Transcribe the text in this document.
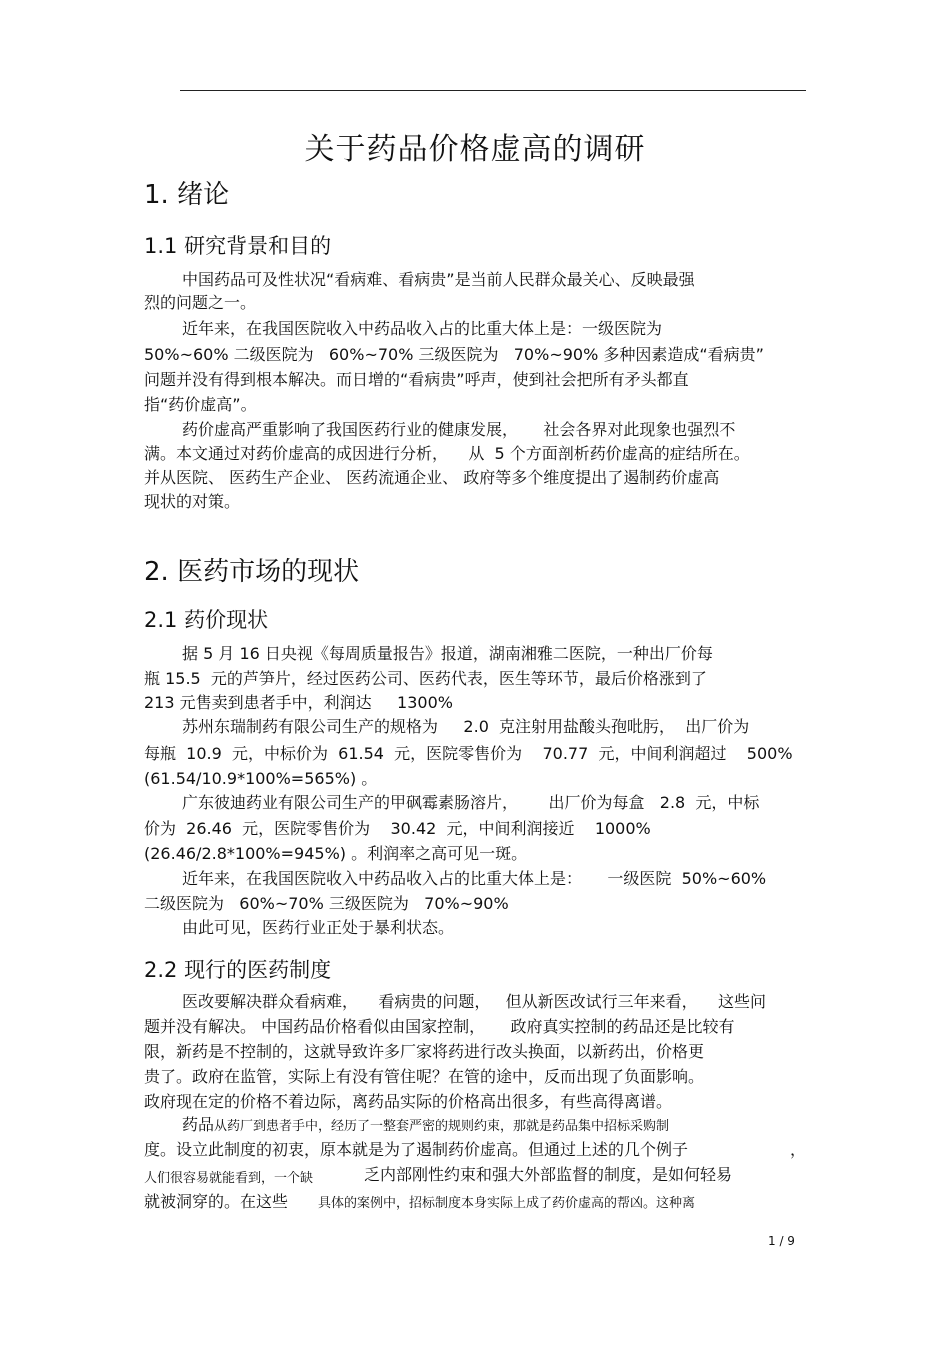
关于药品价格虚高的调研
1. 绪论
1.1 研究背景和目的
中国药品可及性状况“看病难、看病贵”是当前人民群众最关心、反映最强
烈的问题之一。
近年来，在我国医院收入中药品收入占的比重大体上是：一级医院为
50%~60% 二级医院为   60%~70% 三级医院为   70%~90% 多种因素造成“看病贵”
问题并没有得到根本解决。而日增的“看病贵”呼声，使到社会把所有矛头都直
指“药价虚高”。
药价虚高严重影响了我国医药行业的健康发展，     社会各界对此现象也强烈不
满。本文通过对药价虚高的成因进行分析，    从  5 个方面剖析药价虚高的症结所在。
并从医院、 医药生产企业、 医药流通企业、 政府等多个维度提出了遏制药价虚高
现状的对策。
2. 医药市场的现状
2.1 药价现状
据 5 月 16 日央视《每周质量报告》报道，湖南湘雅二医院，一种出厂价每
瓶 15.5  元的芦笋片，经过医药公司、医药代表，医生等环节，最后价格涨到了
213 元售卖到患者手中，利润达     1300%
苏州东瑞制药有限公司生产的规格为     2.0  克注射用盐酸头孢吡肟，  出厂价为
每瓶  10.9  元，中标价为  61.54  元，医院零售价为    70.77  元，中间利润超过    500%
(61.54/10.9*100%=565%) 。
广东彼迪药业有限公司生产的甲砜霉素肠溶片，      出厂价为每盒   2.8  元，中标
价为  26.46  元，医院零售价为    30.42  元，中间利润接近    1000%
(26.46/2.8*100%=945%) 。利润率之高可见一斑。
近年来，在我国医院收入中药品收入占的比重大体上是：     一级医院  50%~60%
二级医院为   60%~70% 三级医院为   70%~90%
由此可见，医药行业正处于暴利状态。
2.2 现行的医药制度
医改要解决群众看病难，    看病贵的问题，   但从新医改试行三年来看，    这些问
题并没有解决。 中国药品价格看似由国家控制，     政府真实控制的药品还是比较有
限，新药是不控制的，这就导致许多厂家将药进行改头换面，以新药出，价格更
贵了。政府在监管，实际上有没有管住呢？在管的途中，反而出现了负面影响。
政府现在定的价格不着边际，离药品实际的价格高出很多，有些高得离谱。
药品从药厂到患者手中，经历了一整套严密的规则约束，那就是药品集中招标采购制
度。设立此制度的初衷，原本就是为了遏制药价虚高。但通过上述的几个例子	，
人们很容易就能看到，一个缺	乏内部刚性约束和强大外部监督的制度，是如何轻易
就被洞穿的。在这些 具体的案例中，招标制度本身实际上成了药价虚高的帮凶。这种离
1 / 9
